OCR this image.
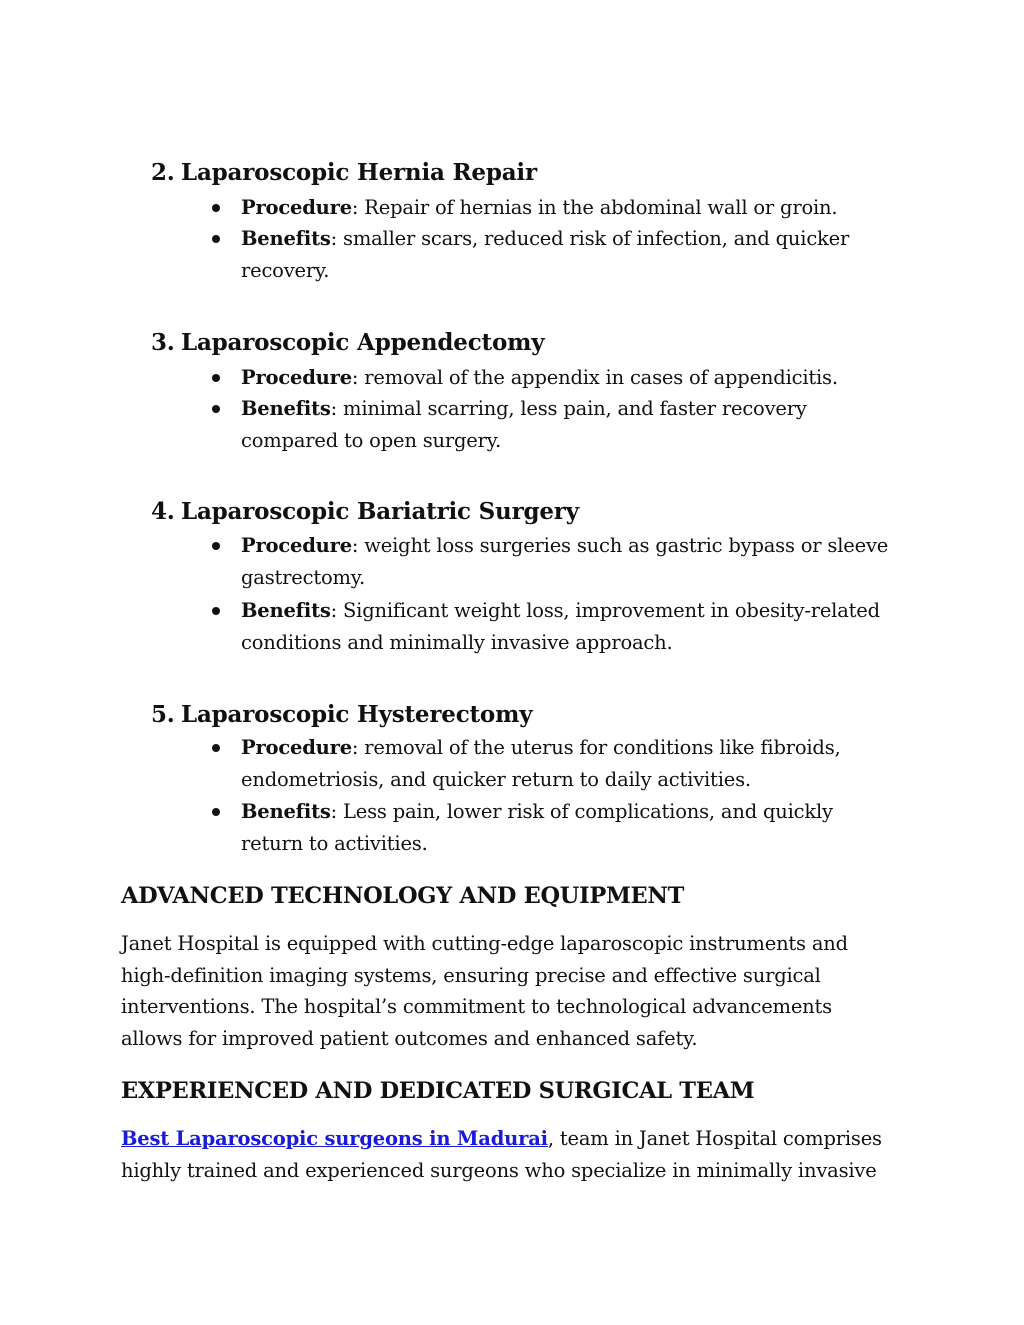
2. Laparoscopic Hernia Repair
Procedure: Repair of hernias in the abdominal wall or groin.
Benefits: smaller scars, reduced risk of infection, and quicker recovery.
3. Laparoscopic Appendectomy
Procedure: removal of the appendix in cases of appendicitis.
Benefits: minimal scarring, less pain, and faster recovery compared to open surgery.
4. Laparoscopic Bariatric Surgery
Procedure: weight loss surgeries such as gastric bypass or sleeve gastrectomy.
Benefits: Significant weight loss, improvement in obesity-related conditions and minimally invasive approach.
5. Laparoscopic Hysterectomy
Procedure: removal of the uterus for conditions like fibroids, endometriosis, and quicker return to daily activities.
Benefits: Less pain, lower risk of complications, and quickly return to activities.
ADVANCED TECHNOLOGY AND EQUIPMENT

Janet Hospital is equipped with cutting-edge laparoscopic instruments and high-definition imaging systems, ensuring precise and effective surgical interventions. The hospital’s commitment to technological advancements allows for improved patient outcomes and enhanced safety.

EXPERIENCED AND DEDICATED SURGICAL TEAM

Best Laparoscopic surgeons in Madurai, team in Janet Hospital comprises highly trained and experienced surgeons who specialize in minimally invasive
